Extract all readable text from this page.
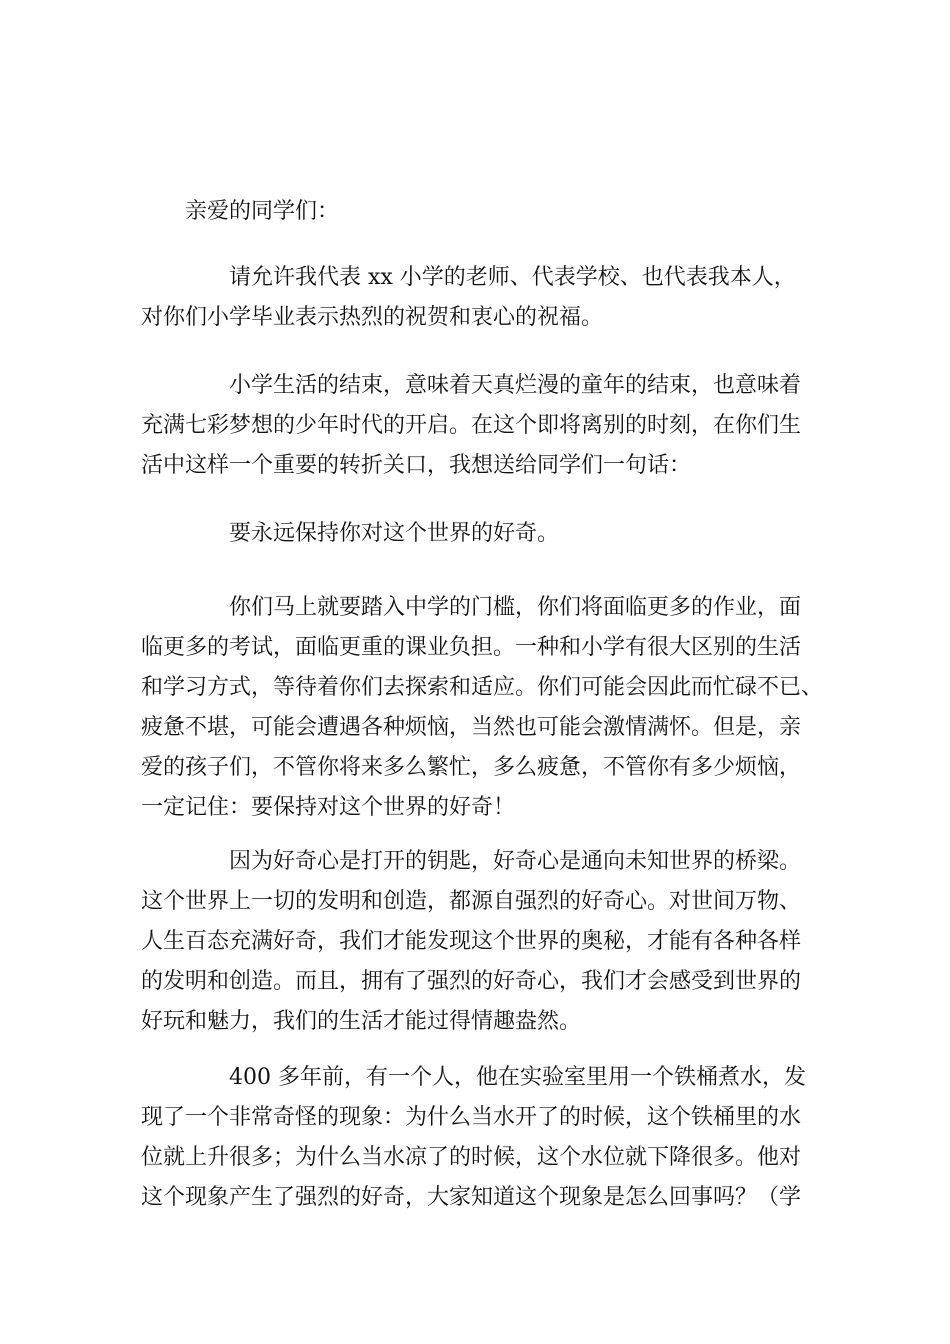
亲爱的同学们：
请允许我代表 xx 小学的老师、代表学校、也代表我本人，
对你们小学毕业表示热烈的祝贺和衷心的祝福。
小学生活的结束，意味着天真烂漫的童年的结束，也意味着
充满七彩梦想的少年时代的开启。在这个即将离别的时刻，在你们生
活中这样一个重要的转折关口，我想送给同学们一句话：
要永远保持你对这个世界的好奇。
你们马上就要踏入中学的门槛，你们将面临更多的作业，面
临更多的考试，面临更重的课业负担。一种和小学有很大区别的生活
和学习方式，等待着你们去探索和适应。你们可能会因此而忙碌不已、
疲惫不堪，可能会遭遇各种烦恼，当然也可能会激情满怀。但是，亲
爱的孩子们，不管你将来多么繁忙，多么疲惫，不管你有多少烦恼，
一定记住：要保持对这个世界的好奇！
因为好奇心是打开的钥匙，好奇心是通向未知世界的桥梁。
这个世界上一切的发明和创造，都源自强烈的好奇心。对世间万物、
人生百态充满好奇，我们才能发现这个世界的奥秘，才能有各种各样
的发明和创造。而且，拥有了强烈的好奇心，我们才会感受到世界的
好玩和魅力，我们的生活才能过得情趣盎然。
400 多年前，有一个人，他在实验室里用一个铁桶煮水，发
现了一个非常奇怪的现象：为什么当水开了的时候，这个铁桶里的水
位就上升很多；为什么当水凉了的时候，这个水位就下降很多。他对
这个现象产生了强烈的好奇，大家知道这个现象是怎么回事吗？（学
